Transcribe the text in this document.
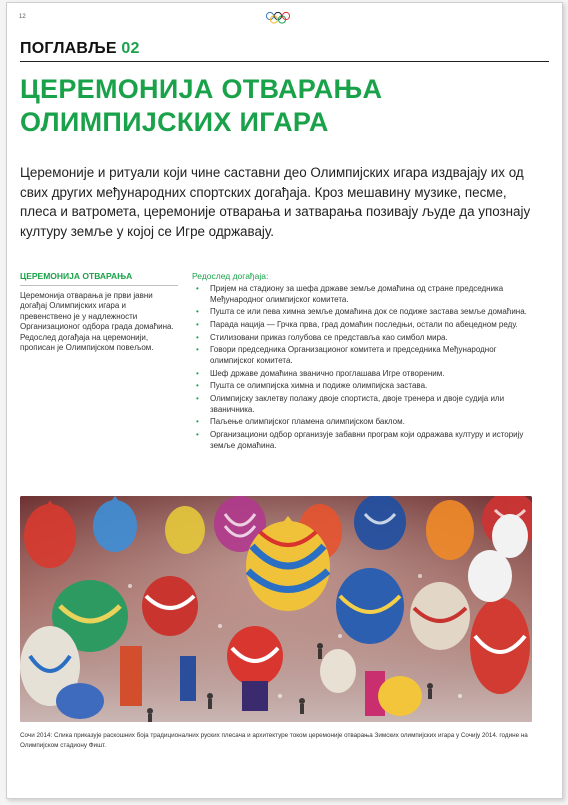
12
ПОГЛАВЉЕ 02
ЦЕРЕМОНИЈА ОТВАРАЊА ОЛИМПИЈСКИХ ИГАРА

Церемоније и ритуали који чине саставни део Олимпијских игара издвајају их од свих других међународних спортских догађаја. Кроз мешавину музике, песме, плеса и ватромета, церемоније отварања и затварања позивају људе да упознају културу земље у којој се Игре одржавају.

ЦЕРЕМОНИЈА ОТВАРАЊА
Церемонија отварања је први јавни догађај Олимпијских игара и превенствено је у надлежности Организационог одбора града домаћина. Редослед догађаја на церемонији, прописан је Олимпијском повељом.
Редослед догађаја:
• Пријем на стадиону за шефа државе земље домаћина од стране председника Међународног олимпијског комитета.
• Пушта се или пева химна земље домаћина док се подиже застава земље домаћина.
• Парада нација — Грчка прва, град домаћин последњи, остали по абецедном реду.
• Стилизовани приказ голубова се представља као симбол мира.
• Говори председника Организационог комитета и председника Међународног олимпијског комитета.
• Шеф државе домаћина званично проглашава Игре отвореним.
• Пушта се олимпијска химна и подиже олимпијска застава.
• Олимпијску заклетву полажу двоје спортиста, двоје тренера и двоје судија или званичника.
• Паљење олимпијског пламена олимпијском баклом.
• Организациони одбор организује забавни програм који одражава културу и историју земље домаћина.

Сочи 2014: Слика приказује раскошних боја традиционалних руских плесача и архитектуре током церемоније отварања Зимских олимпијских игара у Сочију 2014. године на Олимпијском стадиону Фишт.
